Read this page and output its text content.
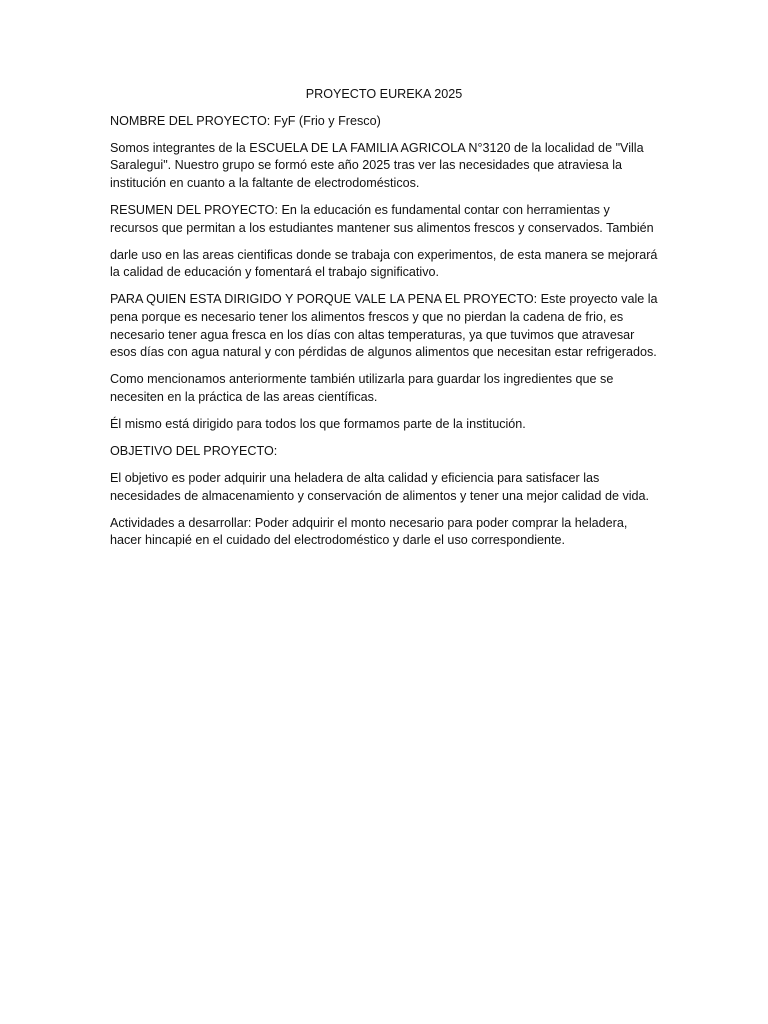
PROYECTO EUREKA 2025

NOMBRE DEL PROYECTO: FyF (Frio y Fresco)

Somos integrantes de la ESCUELA DE LA FAMILIA AGRICOLA N°3120 de la localidad de "Villa Saralegui". Nuestro grupo se formó este año 2025 tras ver las necesidades que atraviesa la institución en cuanto a la faltante de electrodomésticos.

RESUMEN DEL PROYECTO: En la educación es fundamental contar con herramientas y recursos que permitan a los estudiantes mantener sus alimentos frescos y conservados. También

darle uso en las areas cientificas donde se trabaja con experimentos, de esta manera se mejorará la calidad de educación y fomentará el trabajo significativo.

PARA QUIEN ESTA DIRIGIDO Y PORQUE VALE LA PENA EL PROYECTO: Este proyecto vale la pena porque es necesario tener los alimentos frescos y que no pierdan la cadena de frio, es necesario tener agua fresca en los días con altas temperaturas, ya que tuvimos que atravesar esos días con agua natural y con pérdidas de algunos alimentos que necesitan estar refrigerados.

Como mencionamos anteriormente también utilizarla para guardar los ingredientes que se necesiten en la práctica de las areas científicas.

Él mismo está dirigido para todos los que formamos parte de la institución.

OBJETIVO DEL PROYECTO:

El objetivo es poder adquirir una heladera de alta calidad y eficiencia para satisfacer las necesidades de almacenamiento y conservación de alimentos y tener una mejor calidad de vida.

Actividades a desarrollar: Poder adquirir el monto necesario para poder comprar la heladera, hacer hincapié en el cuidado del electrodoméstico y darle el uso correspondiente.
